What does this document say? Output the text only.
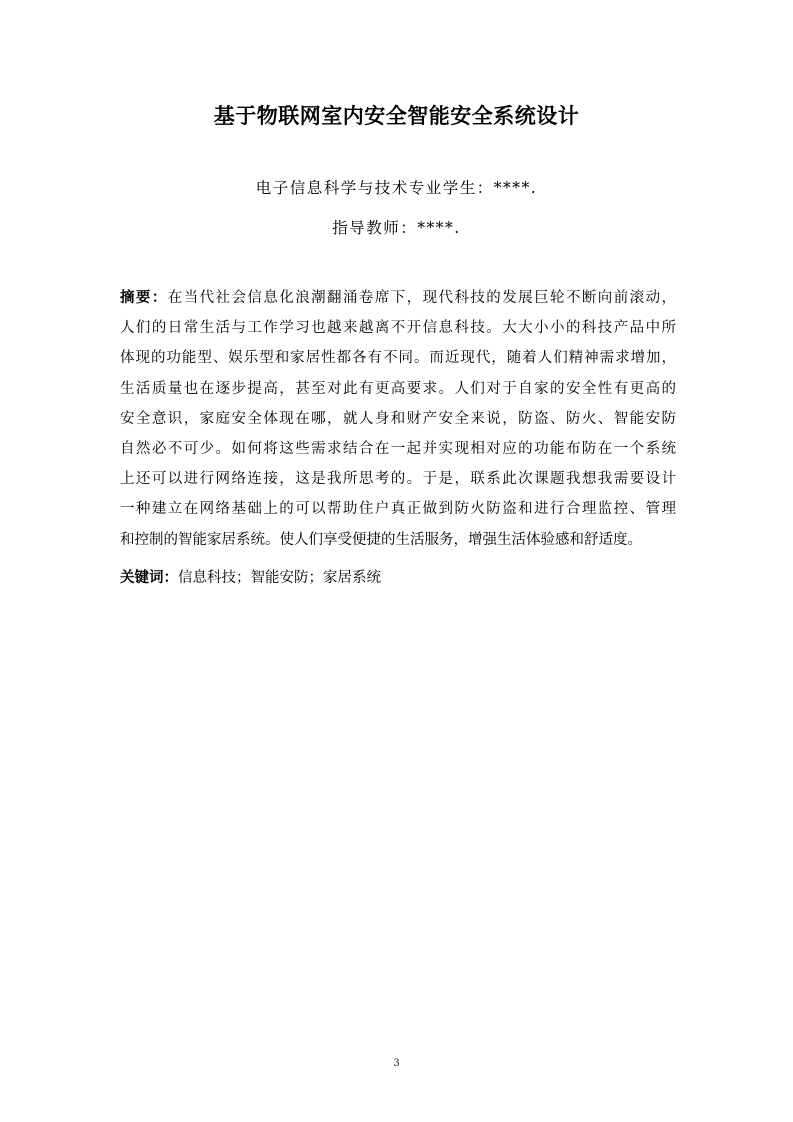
基于物联网室内安全智能安全系统设计
电子信息科学与技术专业学生：****.
指导教师：****.
摘要：在当代社会信息化浪潮翻涌卷席下，现代科技的发展巨轮不断向前滚动，
人们的日常生活与工作学习也越来越离不开信息科技。大大小小的科技产品中所
体现的功能型、娱乐型和家居性都各有不同。而近现代，随着人们精神需求增加，
生活质量也在逐步提高，甚至对此有更高要求。人们对于自家的安全性有更高的
安全意识，家庭安全体现在哪，就人身和财产安全来说，防盗、防火、智能安防
自然必不可少。如何将这些需求结合在一起并实现相对应的功能布防在一个系统
上还可以进行网络连接，这是我所思考的。于是，联系此次课题我想我需要设计
一种建立在网络基础上的可以帮助住户真正做到防火防盗和进行合理监控、管理
和控制的智能家居系统。使人们享受便捷的生活服务，增强生活体验感和舒适度。
关键词：信息科技；智能安防；家居系统
3
